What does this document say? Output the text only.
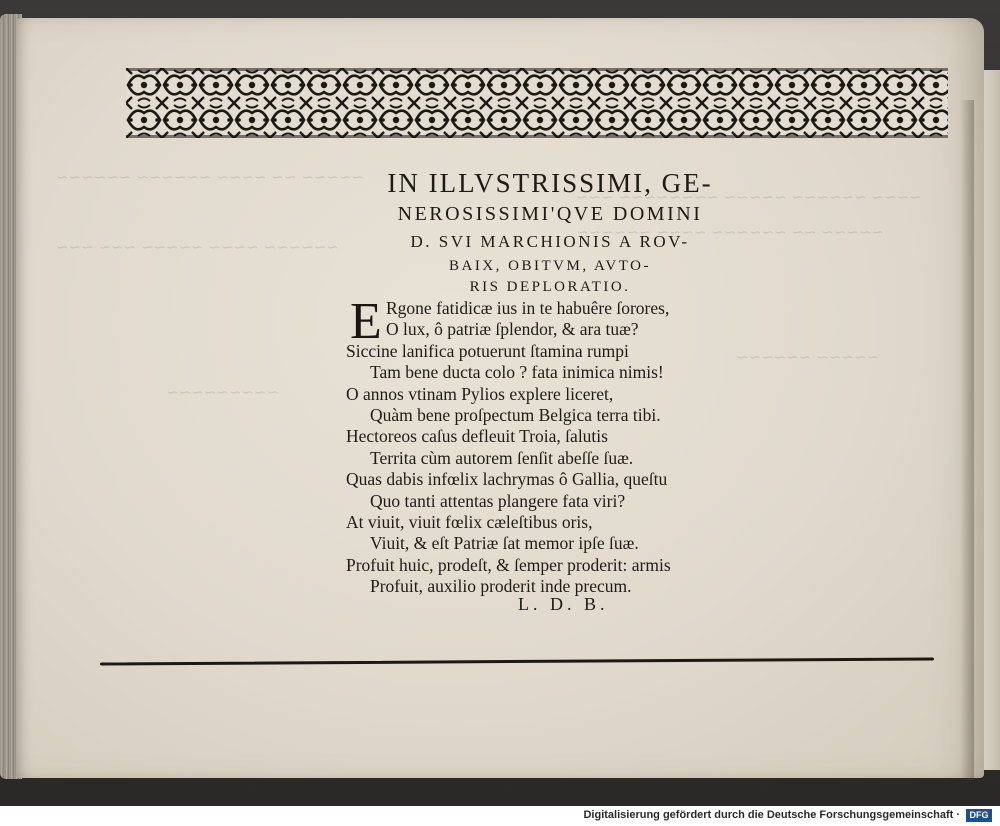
~~~~ ~~~~~~ ~~~~~ ~~~~~~~~ ~~~
~~~~~ ~~ ~~~~~~ ~~~~ ~~~~~~
~~~~~ ~~ ~~~~ ~~~~~~ ~~~~~~
~~~~~~ ~~~~ ~~~~~ ~~~ ~~~
~~~~~~~~~
~~~~~ ~~~~~~
IN ILLVSTRISSIMI, GE-
NEROSISSIMI'QVE DOMINI
D. SVI MARCHIONIS A ROV-
BAIX, OBITVM, AVTO-
RIS DEPLORATIO.
E Rgone fatidicæ ius in te habuêre ſorores,
O lux, ô patriæ ſplendor, & ara tuæ?
Siccine lanifica potuerunt ſtamina rumpi
Tam bene ducta colo ? fata inimica nimis!
O annos vtinam Pylios explere liceret,
Quàm bene proſpectum Belgica terra tibi.
Hectoreos caſus defleuit Troia, ſalutis
Territa cùm autorem ſenſit abeſſe ſuæ.
Quas dabis infœlix lachrymas ô Gallia, queſtu
Quo tanti attentas plangere fata viri?
At viuit, viuit fœlix cæleſtibus oris,
Viuit, & eſt Patriæ ſat memor ipſe ſuæ.
Profuit huic, prodeſt, & ſemper proderit: armis
Profuit, auxilio proderit inde precum.
L. D. B.
Digitalisierung gefördert durch die Deutsche Forschungsgemeinschaft ·	DFG
